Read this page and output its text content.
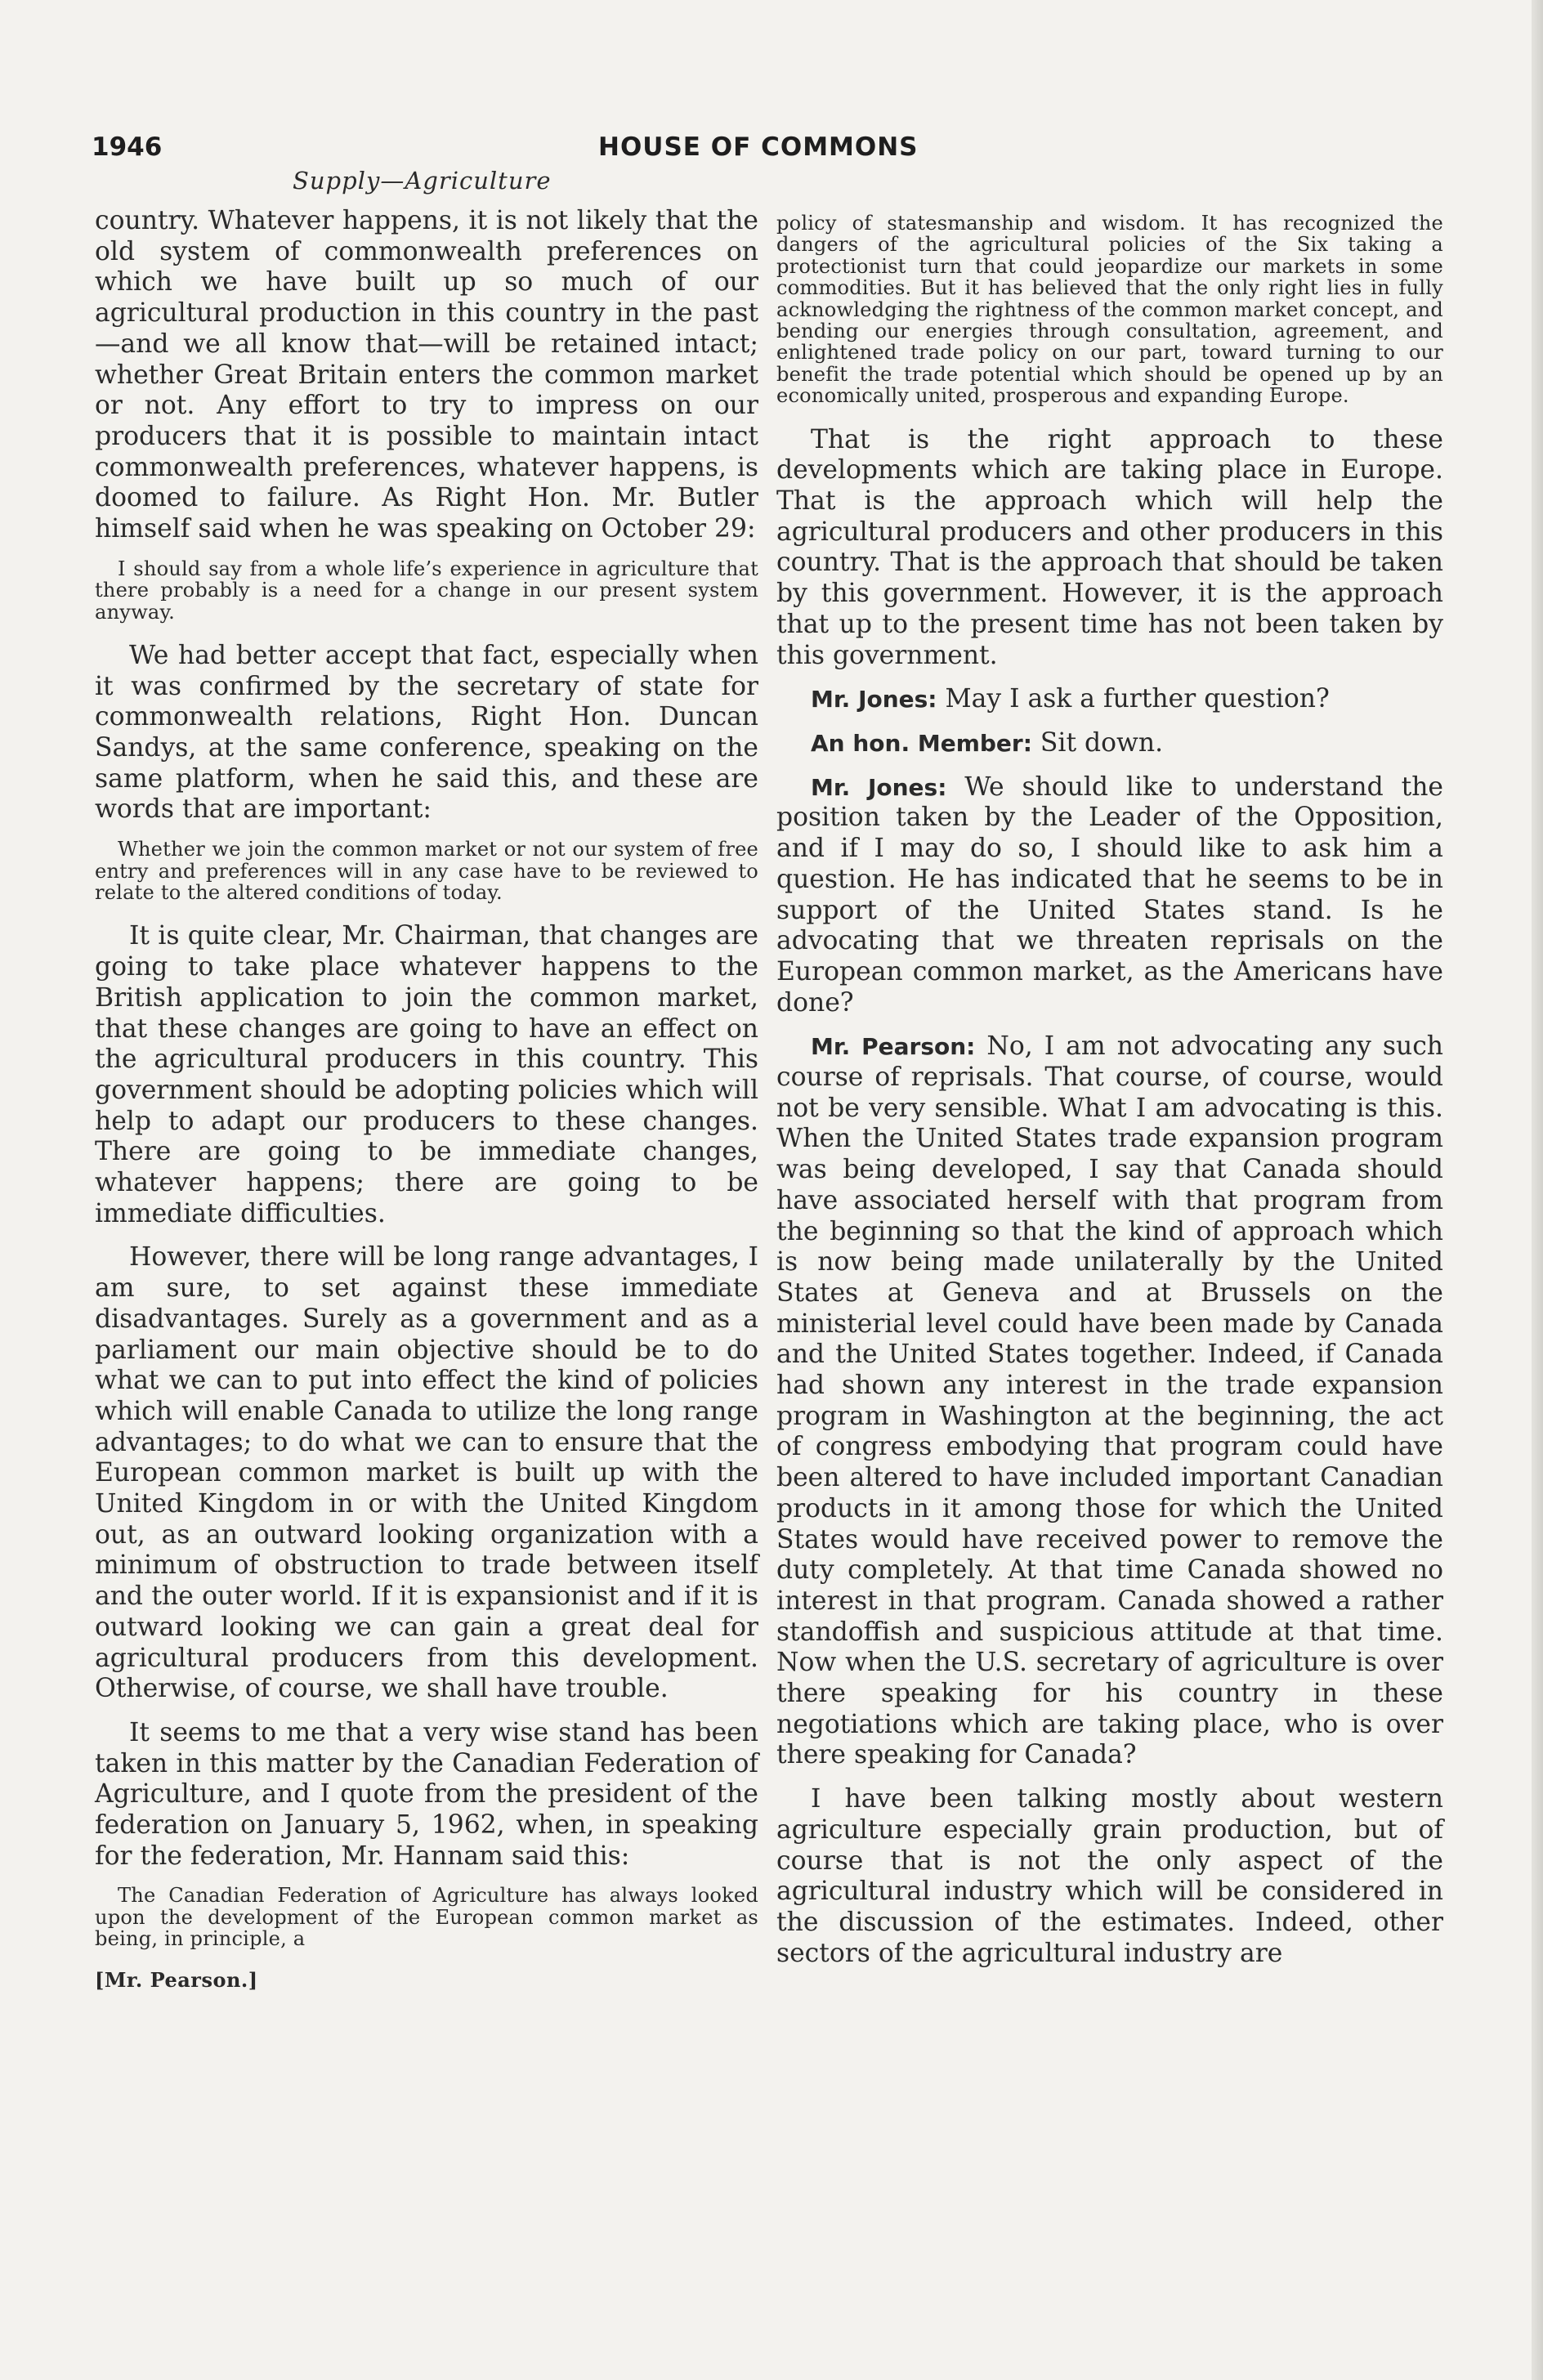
1946	HOUSE OF COMMONS
Supply—Agriculture

country. Whatever happens, it is not likely that the old system of commonwealth preferences on which we have built up so much of our agricultural production in this country in the past—and we all know that—will be retained intact; whether Great Britain enters the common market or not. Any effort to try to impress on our producers that it is possible to maintain intact commonwealth preferences, whatever happens, is doomed to failure. As Right Hon. Mr. Butler himself said when he was speaking on October 29:

I should say from a whole life’s experience in agriculture that there probably is a need for a change in our present system anyway.

We had better accept that fact, especially when it was confirmed by the secretary of state for commonwealth relations, Right Hon. Duncan Sandys, at the same conference, speaking on the same platform, when he said this, and these are words that are important:

Whether we join the common market or not our system of free entry and preferences will in any case have to be reviewed to relate to the altered conditions of today.

It is quite clear, Mr. Chairman, that changes are going to take place whatever happens to the British application to join the common market, that these changes are going to have an effect on the agricultural producers in this country. This government should be adopting policies which will help to adapt our producers to these changes. There are going to be immediate changes, whatever happens; there are going to be immediate difficulties.

However, there will be long range advantages, I am sure, to set against these immediate disadvantages. Surely as a government and as a parliament our main objective should be to do what we can to put into effect the kind of policies which will enable Canada to utilize the long range advantages; to do what we can to ensure that the European common market is built up with the United Kingdom in or with the United Kingdom out, as an outward looking organization with a minimum of obstruction to trade between itself and the outer world. If it is expansionist and if it is outward looking we can gain a great deal for agricultural producers from this development. Otherwise, of course, we shall have trouble.

It seems to me that a very wise stand has been taken in this matter by the Canadian Federation of Agriculture, and I quote from the president of the federation on January 5, 1962, when, in speaking for the federation, Mr. Hannam said this:

The Canadian Federation of Agriculture has always looked upon the development of the European common market as being, in principle, a

[Mr. Pearson.]

policy of statesmanship and wisdom. It has recognized the dangers of the agricultural policies of the Six taking a protectionist turn that could jeopardize our markets in some commodities. But it has believed that the only right lies in fully acknowledging the rightness of the common market concept, and bending our energies through consultation, agreement, and enlightened trade policy on our part, toward turning to our benefit the trade potential which should be opened up by an economically united, prosperous and expanding Europe.

That is the right approach to these developments which are taking place in Europe. That is the approach which will help the agricultural producers and other producers in this country. That is the approach that should be taken by this government. However, it is the approach that up to the present time has not been taken by this government.

Mr. Jones: May I ask a further question?

An hon. Member: Sit down.

Mr. Jones: We should like to understand the position taken by the Leader of the Opposition, and if I may do so, I should like to ask him a question. He has indicated that he seems to be in support of the United States stand. Is he advocating that we threaten reprisals on the European common market, as the Americans have done?

Mr. Pearson: No, I am not advocating any such course of reprisals. That course, of course, would not be very sensible. What I am advocating is this. When the United States trade expansion program was being developed, I say that Canada should have associated herself with that program from the beginning so that the kind of approach which is now being made unilaterally by the United States at Geneva and at Brussels on the ministerial level could have been made by Canada and the United States together. Indeed, if Canada had shown any interest in the trade expansion program in Washington at the beginning, the act of congress embodying that program could have been altered to have included important Canadian products in it among those for which the United States would have received power to remove the duty completely. At that time Canada showed no interest in that program. Canada showed a rather standoffish and suspicious attitude at that time. Now when the U.S. secretary of agriculture is over there speaking for his country in these negotiations which are taking place, who is over there speaking for Canada?

I have been talking mostly about western agriculture especially grain production, but of course that is not the only aspect of the agricultural industry which will be considered in the discussion of the estimates. Indeed, other sectors of the agricultural industry are
